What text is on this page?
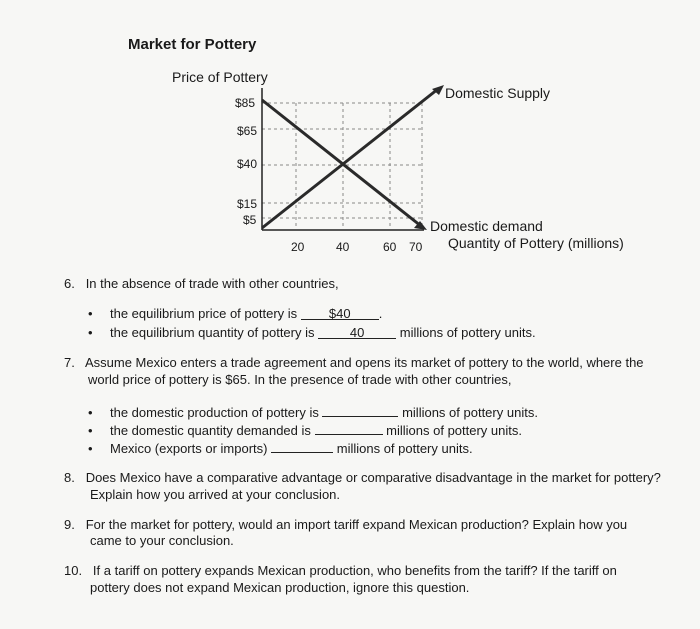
Market for Pottery
Price of Pottery
$85
$65
$40
$15
$5
20	40	60 70
Domestic Supply
Domestic demand
Quantity of Pottery (millions)
6. In the absence of trade with other countries,
• the equilibrium price of pottery is $40 .
• the equilibrium quantity of pottery is	40	millions of pottery units.
7. Assume Mexico enters a trade agreement and opens its market of pottery to the world, where the
world price of pottery is $65. In the presence of trade with other countries,
• the domestic production of pottery is	millions of pottery units.
• the domestic quantity demanded is	millions of pottery units.
• Mexico (exports or imports)	millions of pottery units.
8. Does Mexico have a comparative advantage or comparative disadvantage in the market for pottery?
Explain how you arrived at your conclusion.
9. For the market for pottery, would an import tariff expand Mexican production? Explain how you
came to your conclusion.
10. If a tariff on pottery expands Mexican production, who benefits from the tariff? If the tariff on
pottery does not expand Mexican production, ignore this question.
